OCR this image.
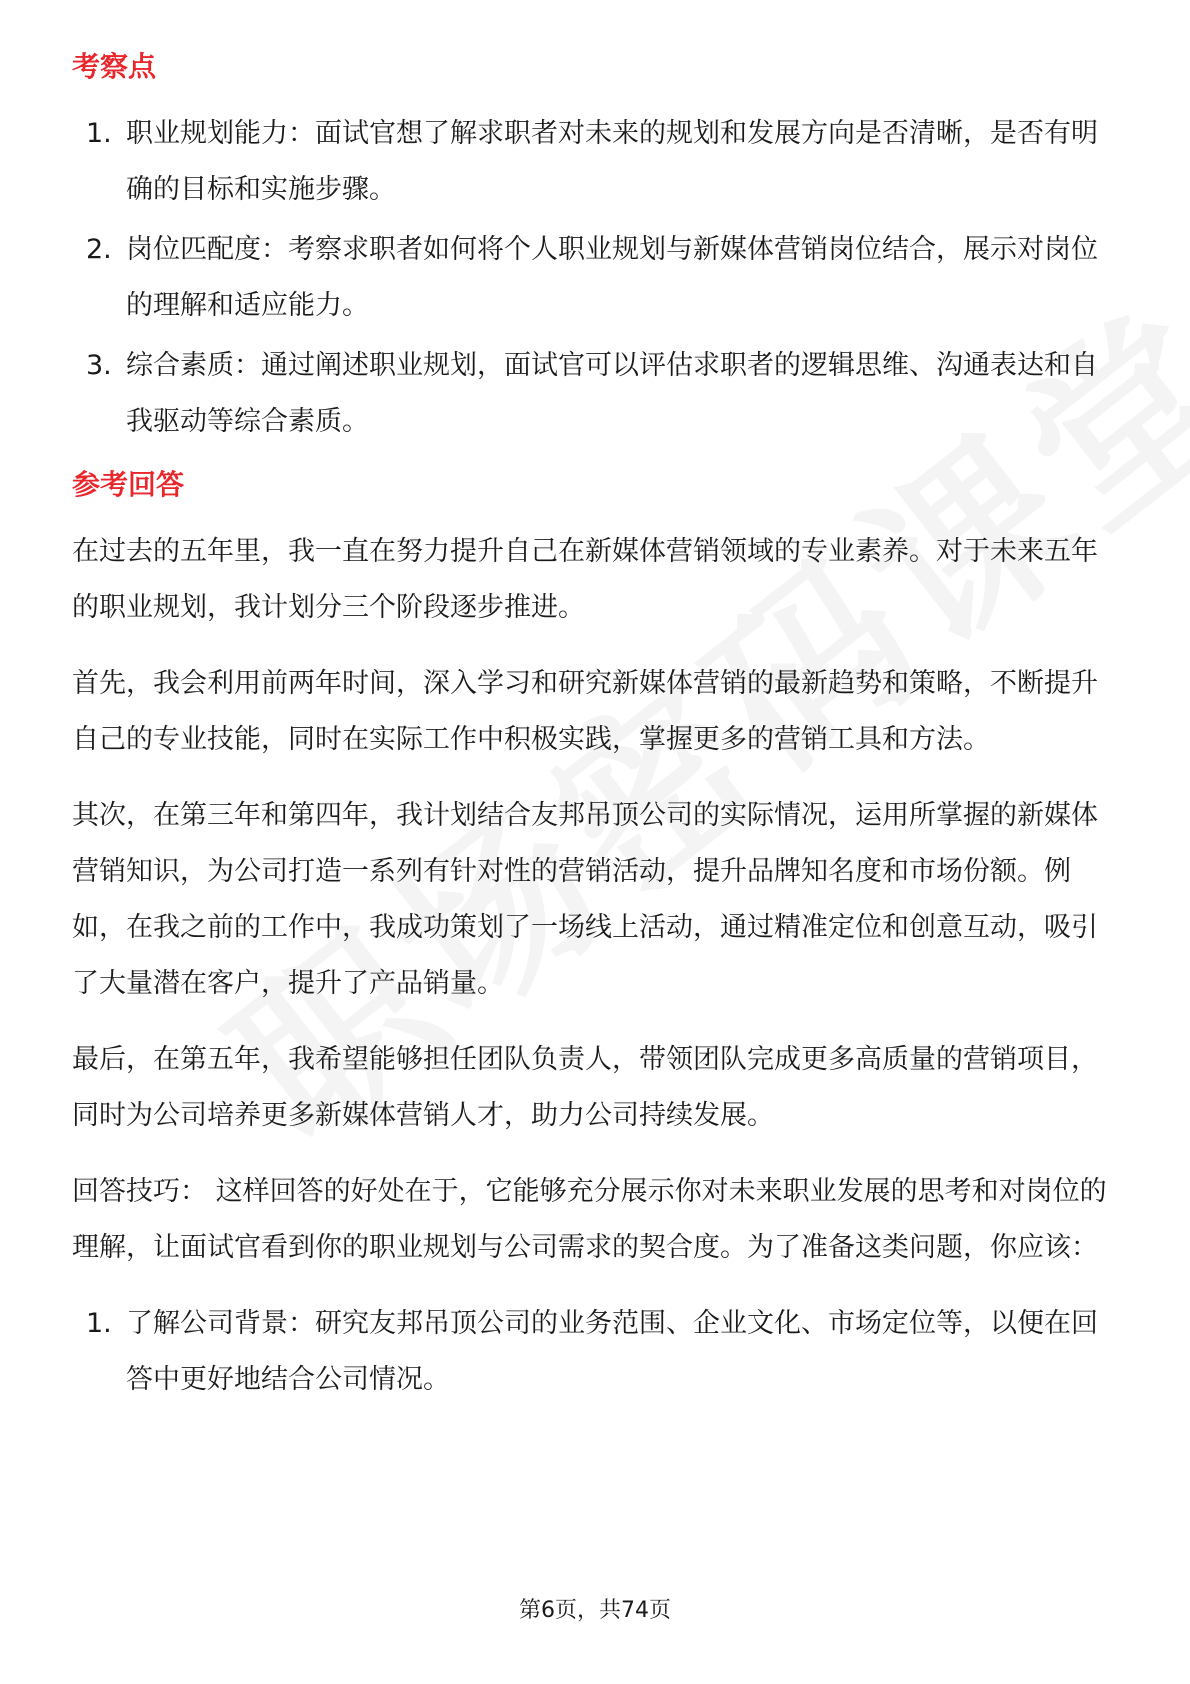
考察点
1. 职业规划能力：面试官想了解求职者对未来的规划和发展方向是否清晰，是否有明确的目标和实施步骤。
2. 岗位匹配度：考察求职者如何将个人职业规划与新媒体营销岗位结合，展示对岗位的理解和适应能力。
3. 综合素质：通过阐述职业规划，面试官可以评估求职者的逻辑思维、沟通表达和自我驱动等综合素质。
参考回答

在过去的五年里，我一直在努力提升自己在新媒体营销领域的专业素养。对于未来五年的职业规划，我计划分三个阶段逐步推进。

首先，我会利用前两年时间，深入学习和研究新媒体营销的最新趋势和策略，不断提升自己的专业技能，同时在实际工作中积极实践，掌握更多的营销工具和方法。

其次，在第三年和第四年，我计划结合友邦吊顶公司的实际情况，运用所掌握的新媒体营销知识，为公司打造一系列有针对性的营销活动，提升品牌知名度和市场份额。例如，在我之前的工作中，我成功策划了一场线上活动，通过精准定位和创意互动，吸引了大量潜在客户，提升了产品销量。

最后，在第五年，我希望能够担任团队负责人，带领团队完成更多高质量的营销项目，同时为公司培养更多新媒体营销人才，助力公司持续发展。

回答技巧： 这样回答的好处在于，它能够充分展示你对未来职业发展的思考和对岗位的理解，让面试官看到你的职业规划与公司需求的契合度。为了准备这类问题，你应该：

1. 了解公司背景：研究友邦吊顶公司的业务范围、企业文化、市场定位等，以便在回答中更好地结合公司情况。
第6页，共74页
